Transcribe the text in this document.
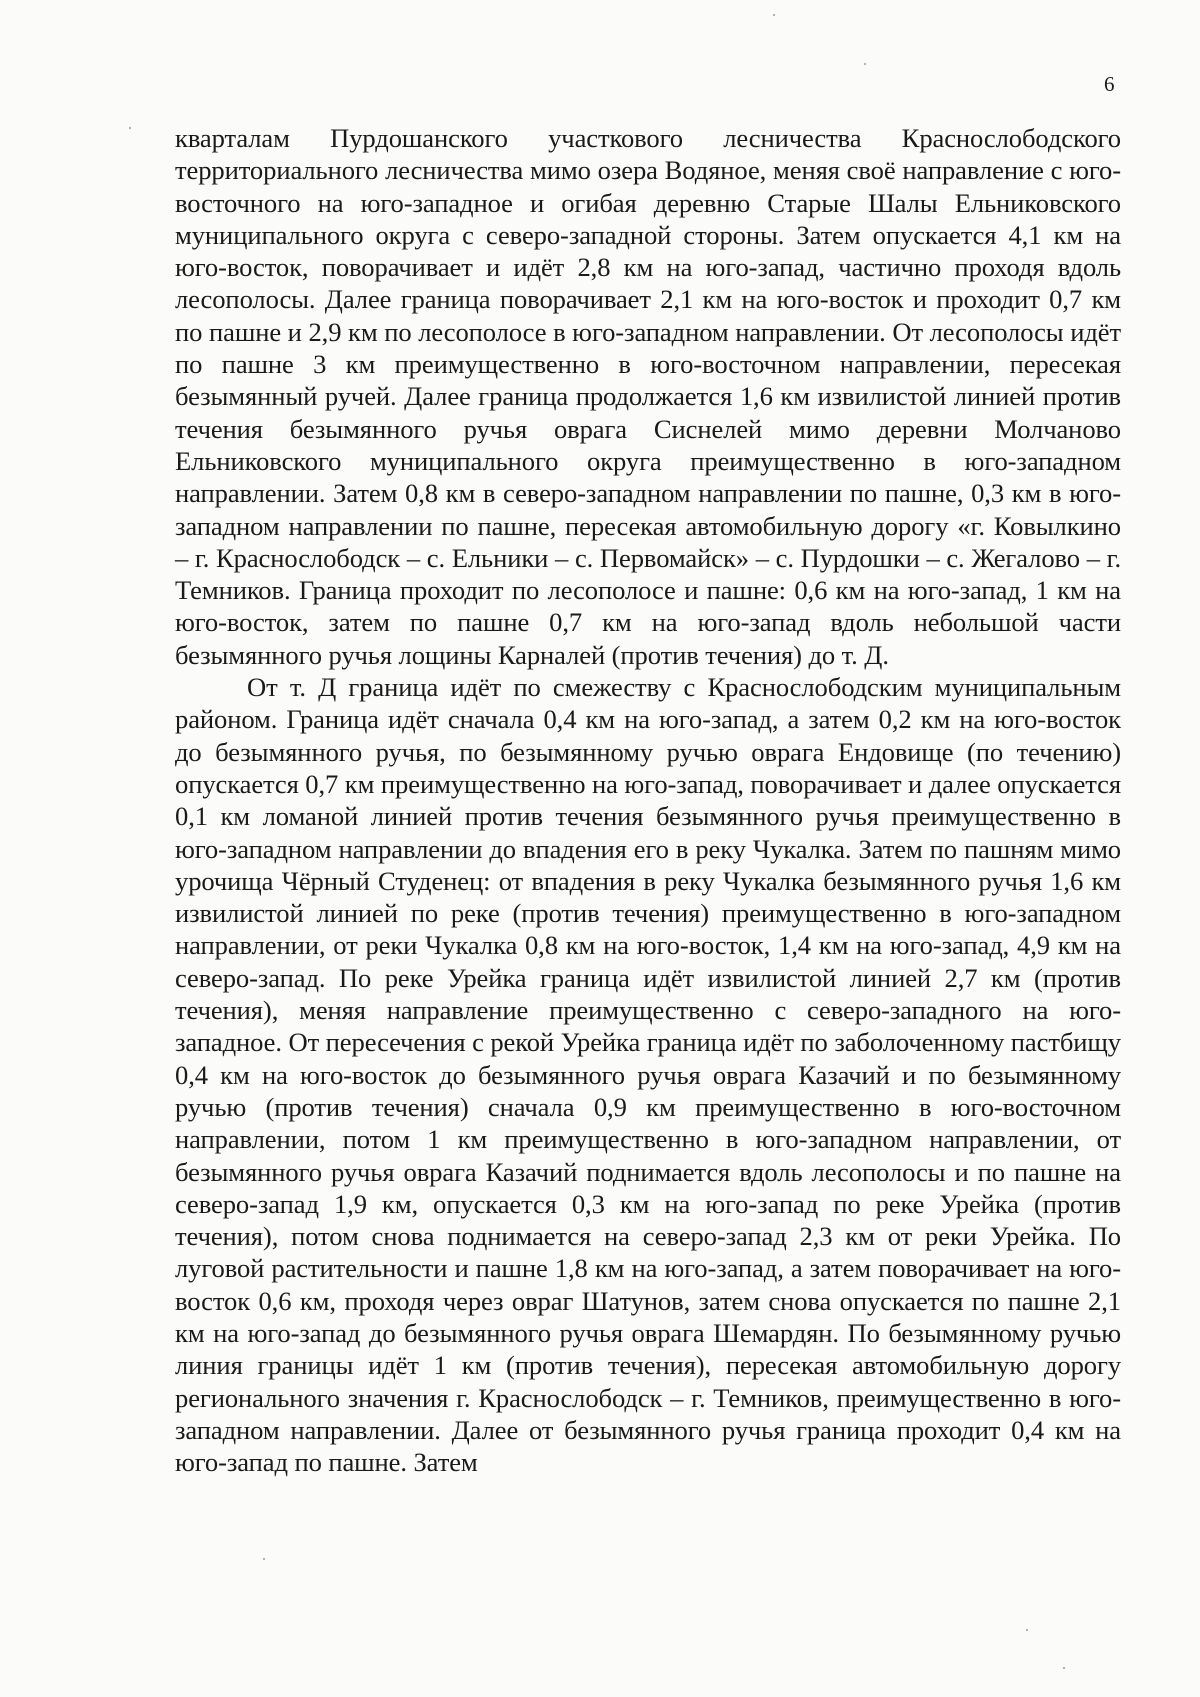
6

кварталам Пурдошанского участкового лесничества Краснослободского территориального лесничества мимо озера Водяное, меняя своё направление с юго-восточного на юго-западное и огибая деревню Старые Шалы Ельниковского муниципального округа с северо-западной стороны. Затем опускается 4,1 км на юго-восток, поворачивает и идёт 2,8 км на юго-запад, частично проходя вдоль лесополосы. Далее граница поворачивает 2,1 км на юго-восток и проходит 0,7 км по пашне и 2,9 км по лесополосе в юго-западном направлении. От лесополосы идёт по пашне 3 км преимущественно в юго-восточном направлении, пересекая безымянный ручей. Далее граница продолжается 1,6 км извилистой линией против течения безымянного ручья оврага Сиснелей мимо деревни Молчаново Ельниковского муниципального округа преимущественно в юго-западном направлении. Затем 0,8 км в северо-западном направлении по пашне, 0,3 км в юго-западном направлении по пашне, пересекая автомобильную дорогу «г. Ковылкино – г. Краснослободск – с. Ельники – с. Первомайск» – с. Пурдошки – с. Жегалово – г. Темников. Граница проходит по лесополосе и пашне: 0,6 км на юго-запад, 1 км на юго-восток, затем по пашне 0,7 км на юго-запад вдоль небольшой части безымянного ручья лощины Карналей (против течения) до т. Д.

От т. Д граница идёт по смежеству с Краснослободским муниципальным районом. Граница идёт сначала 0,4 км на юго-запад, а затем 0,2 км на юго-восток до безымянного ручья, по безымянному ручью оврага Ендовище (по течению) опускается 0,7 км преимущественно на юго-запад, поворачивает и далее опускается 0,1 км ломаной линией против течения безымянного ручья преимущественно в юго-западном направлении до впадения его в реку Чукалка. Затем по пашням мимо урочища Чёрный Студенец: от впадения в реку Чукалка безымянного ручья 1,6 км извилистой линией по реке (против течения) преимущественно в юго-западном направлении, от реки Чукалка 0,8 км на юго-восток, 1,4 км на юго-запад, 4,9 км на северо-запад. По реке Урейка граница идёт извилистой линией 2,7 км (против течения), меняя направление преимущественно с северо-западного на юго-западное. От пересечения с рекой Урейка граница идёт по заболоченному пастбищу 0,4 км на юго-восток до безымянного ручья оврага Казачий и по безымянному ручью (против течения) сначала 0,9 км преимущественно в юго-восточном направлении, потом 1 км преимущественно в юго-западном направлении, от безымянного ручья оврага Казачий поднимается вдоль лесополосы и по пашне на северо-запад 1,9 км, опускается 0,3 км на юго-запад по реке Урейка (против течения), потом снова поднимается на северо-запад 2,3 км от реки Урейка. По луговой растительности и пашне 1,8 км на юго-запад, а затем поворачивает на юго-восток 0,6 км, проходя через овраг Шатунов, затем снова опускается по пашне 2,1 км на юго-запад до безымянного ручья оврага Шемардян. По безымянному ручью линия границы идёт 1 км (против течения), пересекая автомобильную дорогу регионального значения г. Краснослободск – г. Темников, преимущественно в юго-западном направлении. Далее от безымянного ручья граница проходит 0,4 км на юго-запад по пашне. Затем
